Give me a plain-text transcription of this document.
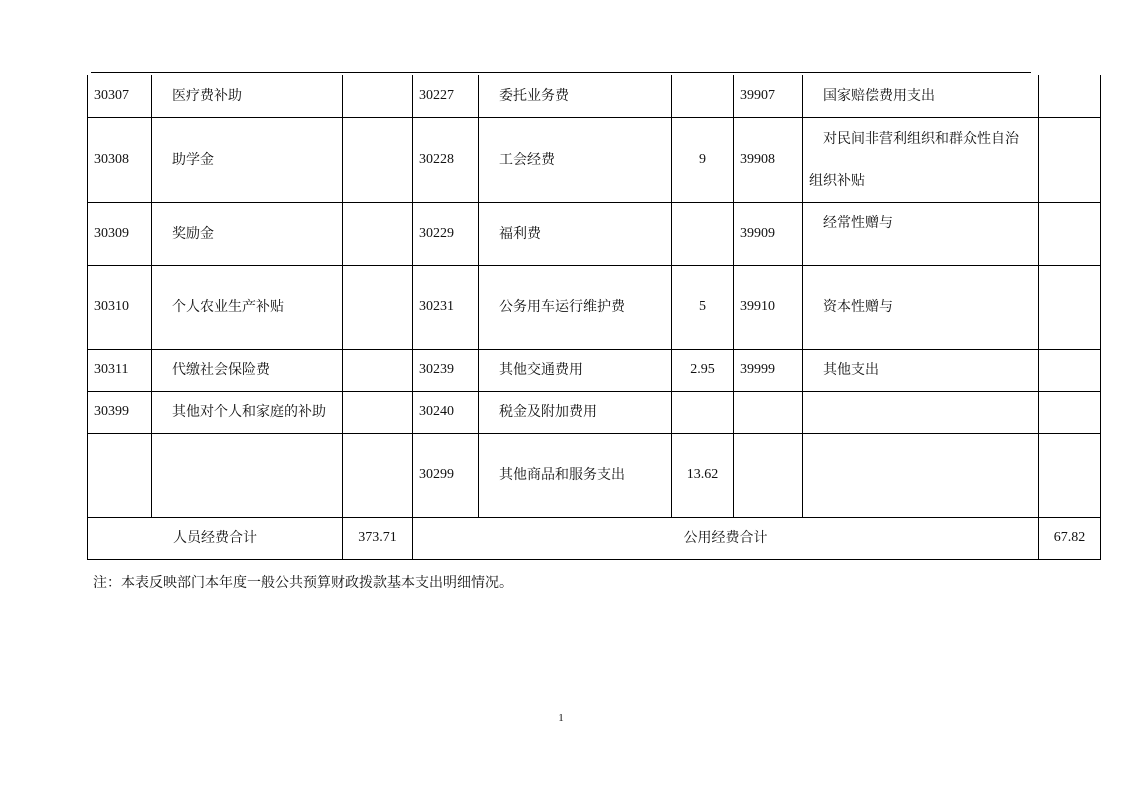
30307	医疗费补助		30227	委托业务费		39907	国家赔偿费用支出	
30308	助学金		30228	工会经费	9	39908	对民间非营利组织和群众性自治组织补贴	
30309	奖励金		30229	福利费		39909	经常性赠与	
30310	个人农业生产补贴		30231	公务用车运行维护费	5	39910	资本性赠与	
30311	代缴社会保险费		30239	其他交通费用	2.95	39999	其他支出	
30399	其他对个人和家庭的补助		30240	税金及附加费用				
			30299	其他商品和服务支出	13.62			
人员经费合计		373.71	公用经费合计					67.82
注：本表反映部门本年度一般公共预算财政拨款基本支出明细情况。
1
